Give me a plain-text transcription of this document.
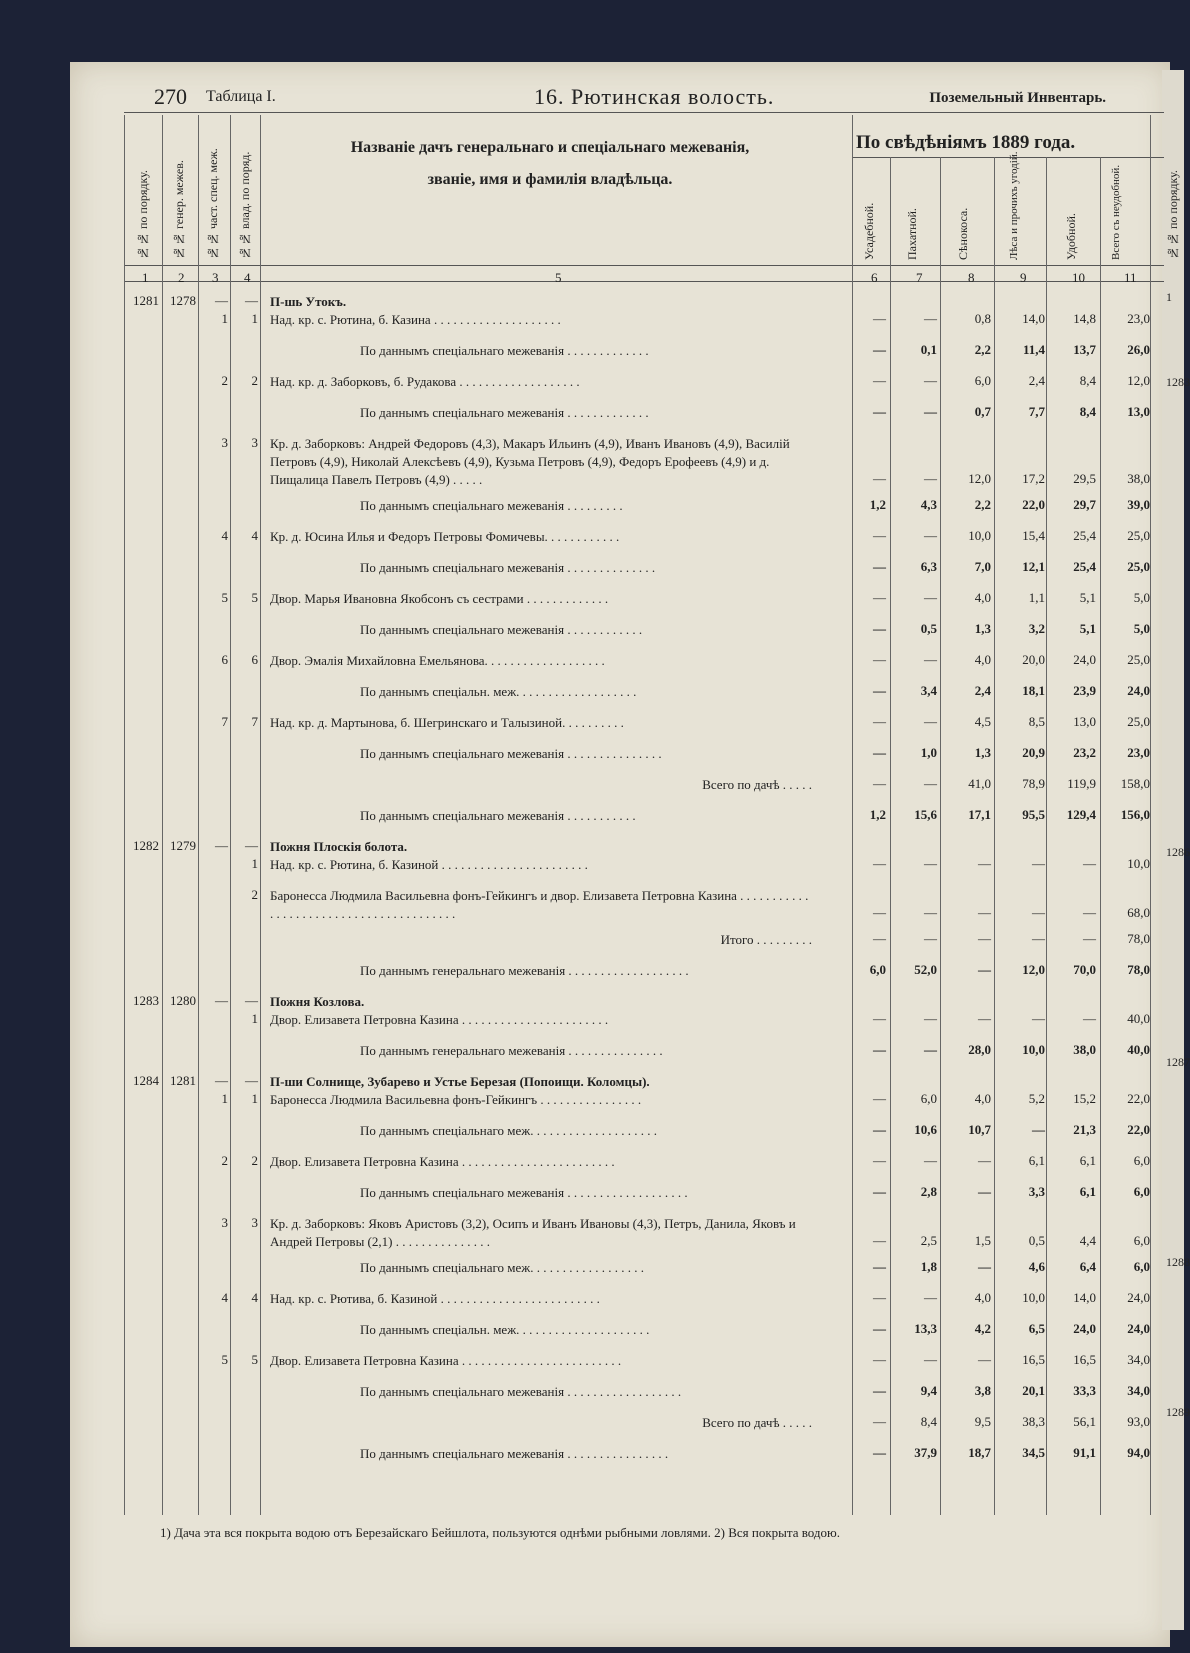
270 Таблица I.	16. Рютинская волость.	Поземельный Инвентарь.
№№ по порядку. №№ генер. межев. №№ част. спец. меж. №№ влад. по поряд.
Названіе дачъ генеральнаго и спеціальнаго межеванія, званіе, имя и фамилія владѣльца.
По свѣдѣніямъ 1889 года.
Усадебной. Пахатной.	Сѣнокоса.	Лѣса и прочихъ угодій.	Удобной.	Всего съ неудобной.
1 2 3 4	5	6	7	8	9	10	11
1281 1278	—	— П-шь Утокъ.
1	1 Над. кр. с. Рютина, б. Казина . . . . . . . . . . . . . . . . . . . .	—	—	0,8	14,0	14,8	23,0
По даннымъ спеціальнаго межеванія . . . . . . . . . . . . .	—	0,1	2,2	11,4	13,7	26,0
2	2 Над. кр. д. Заборковъ, б. Рудакова . . . . . . . . . . . . . . . . . . .	—	—	6,0	2,4	8,4	12,0
По даннымъ спеціальнаго межеванія . . . . . . . . . . . . .	—	—	0,7	7,7	8,4	13,0
3	3 Кр. д. Заборковъ: Андрей Федоровъ (4,3), Макаръ Ильинъ (4,9), Иванъ Ивановъ (4,9), Василій Петровъ (4,9), Николай Алексѣевъ (4,9), Кузьма Петровъ (4,9), Федоръ Ерофеевъ (4,9) и д. Пищалица Павелъ Петровъ (4,9) . . . . .	—	—	12,0	17,2	29,5	38,0
По даннымъ спеціальнаго межеванія . . . . . . . . .	1,2	4,3	2,2	22,0	29,7	39,0
4	4 Кр. д. Юсина Илья и Федоръ Петровы Фомичевы. . . . . . . . . . . .	—	—	10,0	15,4	25,4	25,0
По даннымъ спеціальнаго межеванія . . . . . . . . . . . . . .	—	6,3	7,0	12,1	25,4	25,0
5	5 Двор. Марья Ивановна Якобсонъ съ сестрами . . . . . . . . . . . . .	—	—	4,0	1,1	5,1	5,0
По даннымъ спеціальнаго межеванія . . . . . . . . . . . .	—	0,5	1,3	3,2	5,1	5,0
6	6 Двор. Эмалія Михайловна Емельянова. . . . . . . . . . . . . . . . . . .	—	—	4,0	20,0	24,0	25,0
По даннымъ спеціальн. меж. . . . . . . . . . . . . . . . . . .	—	3,4	2,4	18,1	23,9	24,0
7	7 Над. кр. д. Мартынова, б. Шегринскаго и Талызиной. . . . . . . . . .	—	—	4,5	8,5	13,0	25,0
По даннымъ спеціальнаго межеванія . . . . . . . . . . . . . . .	—	1,0	1,3	20,9	23,2	23,0
Всего по дачѣ . . . . .	—	—	41,0	78,9	119,9	158,0
По даннымъ спеціальнаго межеванія . . . . . . . . . . .	1,2	15,6	17,1	95,5	129,4	156,0
1282 1279	—	— Пожня Плоскія болота.
1 Над. кр. с. Рютина, б. Казиной . . . . . . . . . . . . . . . . . . . . . . .	—	—	—	—	—	10,0
2 Баронесса Людмила Васильевна фонъ-Гейкингъ и двор. Елизавета Петровна Казина . . . . . . . . . . . . . . . . . . . . . . . . . . . . . . . . . . . . . . . .	—	—	—	—	—	68,0
Итого . . . . . . . . .	—	—	—	—	—	78,0
По даннымъ генеральнаго межеванія . . . . . . . . . . . . . . . . . . .	6,0	52,0	—	12,0	70,0	78,0
1283 1280	—	— Пожня Козлова.
1 Двор. Елизавета Петровна Казина . . . . . . . . . . . . . . . . . . . . . . .	—	—	—	—	—	40,0
По даннымъ генеральнаго межеванія . . . . . . . . . . . . . . .	—	—	28,0	10,0	38,0	40,0
1284 1281	—	— П-ши Солнище, Зубарево и Устье Березая (Попоищи. Коломцы).
1	1 Баронесса Людмила Васильевна фонъ-Гейкингъ . . . . . . . . . . . . . . . .	—	6,0	4,0	5,2	15,2	22,0
По даннымъ спеціальнаго меж. . . . . . . . . . . . . . . . . . . .	—	10,6	10,7	—	21,3	22,0
2	2 Двор. Елизавета Петровна Казина . . . . . . . . . . . . . . . . . . . . . . . .	—	—	—	6,1	6,1	6,0
По даннымъ спеціальнаго межеванія . . . . . . . . . . . . . . . . . . .	—	2,8	—	3,3	6,1	6,0
3	3 Кр. д. Заборковъ: Яковъ Аристовъ (3,2), Осипъ и Иванъ Ивановы (4,3), Петръ, Данила, Яковъ и Андрей Петровы (2,1) . . . . . . . . . . . . . . .	—	2,5	1,5	0,5	4,4	6,0
По даннымъ спеціальнаго меж. . . . . . . . . . . . . . . . . .	—	1,8	—	4,6	6,4	6,0
4	4 Над. кр. с. Рютива, б. Казиной . . . . . . . . . . . . . . . . . . . . . . . . .	—	—	4,0	10,0	14,0	24,0
По даннымъ спеціальн. меж. . . . . . . . . . . . . . . . . . . . .	—	13,3	4,2	6,5	24,0	24,0
5	5 Двор. Елизавета Петровна Казина . . . . . . . . . . . . . . . . . . . . . . . . .	—	—	—	16,5	16,5	34,0
По даннымъ спеціальнаго межеванія . . . . . . . . . . . . . . . . . .	—	9,4	3,8	20,1	33,3	34,0
Всего по дачѣ . . . . .	—	8,4	9,5	38,3	56,1	93,0
По даннымъ спеціальнаго межеванія . . . . . . . . . . . . . . . .	—	37,9	18,7	34,5	91,1	94,0
1) Дача эта вся покрыта водою отъ Березайскаго Бейшлота, пользуются однѣми рыбными ловлями. 2) Вся покрыта водою.
№№ по порядку.
1
1283
1286
1287
1288
1289
